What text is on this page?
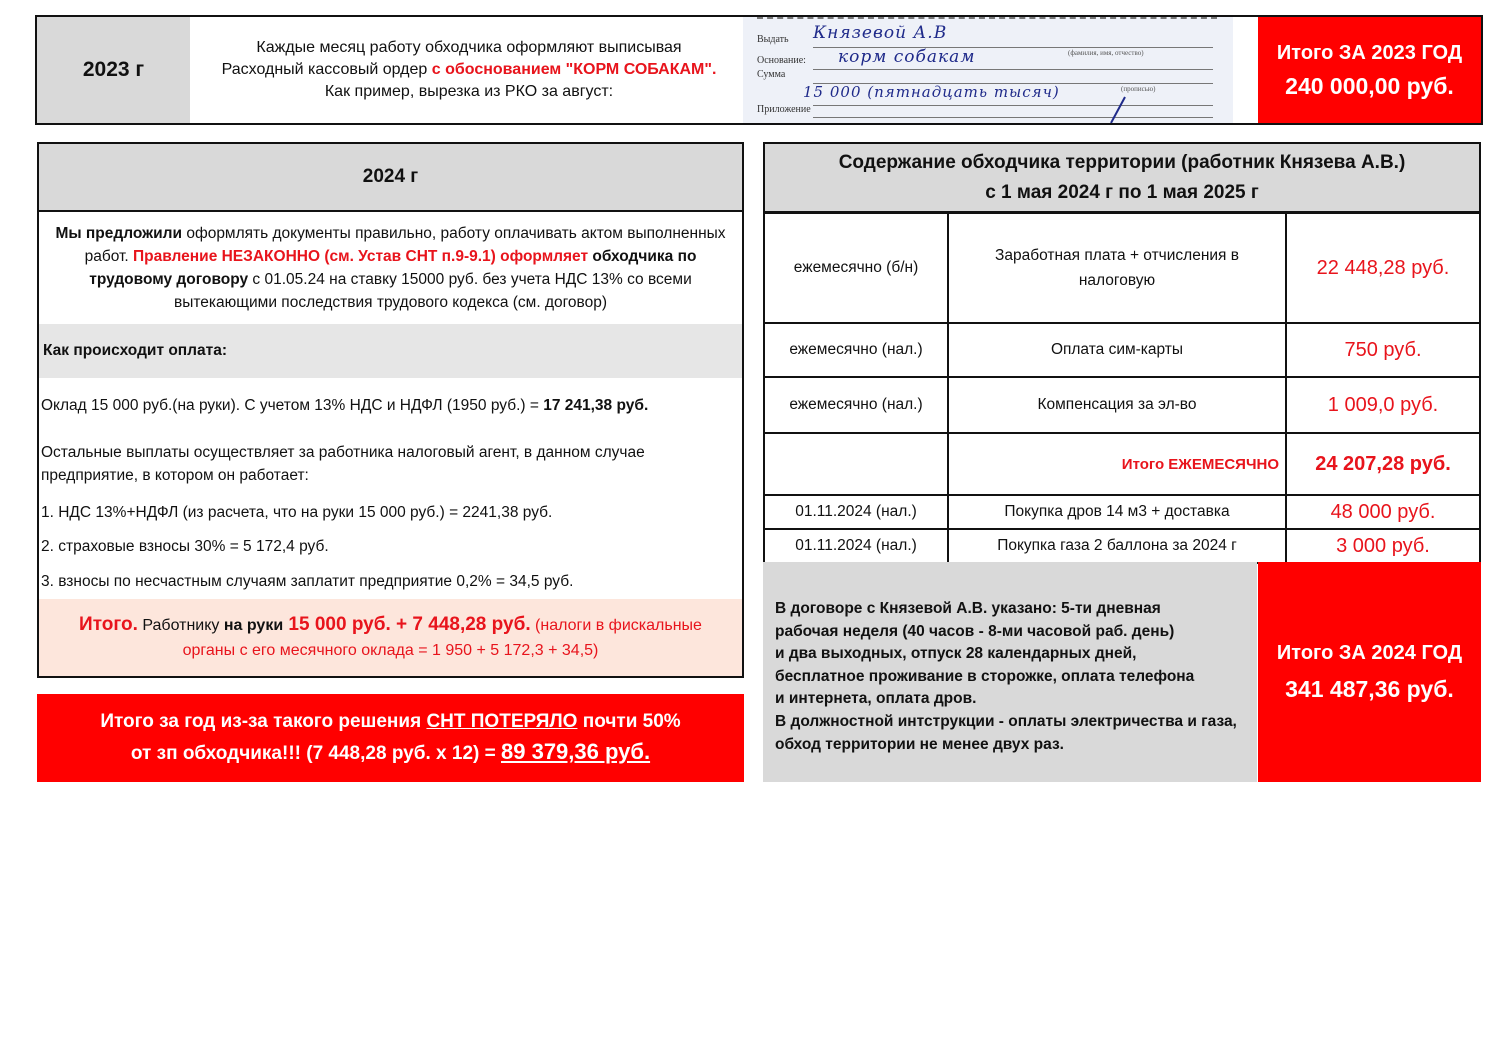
2023 г
Каждые месяц работу обходчика оформляют выписывая
Расходный кассовый ордер с обоснованием "КОРМ СОБАКАМ".
Как пример, вырезка из РКО за август:
Выдать Князевой А.В
(фамилия, имя, отчество)
Основание: корм собакам
Сумма
15 000 (пятнадцать тысяч)	(прописью)
Приложение
Итого ЗА 2023 ГОД
240 000,00 руб.
2024 г
Мы предложили оформлять документы правильно, работу оплачивать актом выполненных работ. Правление НЕЗАКОННО (см. Устав СНТ п.9-9.1) оформляет обходчика по трудовому договору с 01.05.24 на ставку 15000 руб. без учета НДС 13% со всеми вытекающими последствия трудового кодекса (см. договор)
Как происходит оплата:
Оклад 15 000 руб.(на руки). С учетом 13% НДС и НДФЛ (1950 руб.) = 17 241,38 руб.
Остальные выплаты осуществляет за работника налоговый агент, в данном случае предприятие, в котором он работает:
1. НДС 13%+НДФЛ (из расчета, что на руки 15 000 руб.) = 2241,38 руб.
2. страховые взносы 30% = 5 172,4 руб.
3. взносы по несчастным случаям заплатит предприятие 0,2% = 34,5 руб.
Итого. Работнику на руки 15 000 руб. + 7 448,28 руб. (налоги в фискальные
органы с его месячного оклада = 1 950 + 5 172,3 + 34,5)
Итого за год из-за такого решения СНТ ПОТЕРЯЛО почти 50%
от зп обходчика!!! (7 448,28 руб. х 12) = 89 379,36 руб.
Содержание обходчика территории (работник Князева А.В.)
с 1 мая 2024 г по 1 мая 2025 г
ежемесячно (б/н)	Заработная плата + отчисления в налоговую	22 448,28 руб.
ежемесячно (нал.)	Оплата сим-карты	750 руб.
ежемесячно (нал.)	Компенсация за эл-во	1 009,0 руб.
	Итого ЕЖЕМЕСЯЧНО	24 207,28 руб.
01.11.2024 (нал.)	Покупка дров 14 м3 + доставка	48 000 руб.
01.11.2024 (нал.)	Покупка газа 2 баллона за 2024 г	3 000 руб.
В договоре с Князевой А.В. указано: 5-ти дневная
рабочая неделя (40 часов - 8-ми часовой раб. день)
и два выходных, отпуск 28 календарных дней,
бесплатное проживание в сторожке, оплата телефона
и интернета, оплата дров.
В должностной интструкции - оплаты электричества и газа,
обход территории не менее двух раз.
Итого ЗА 2024 ГОД
341 487,36 руб.
